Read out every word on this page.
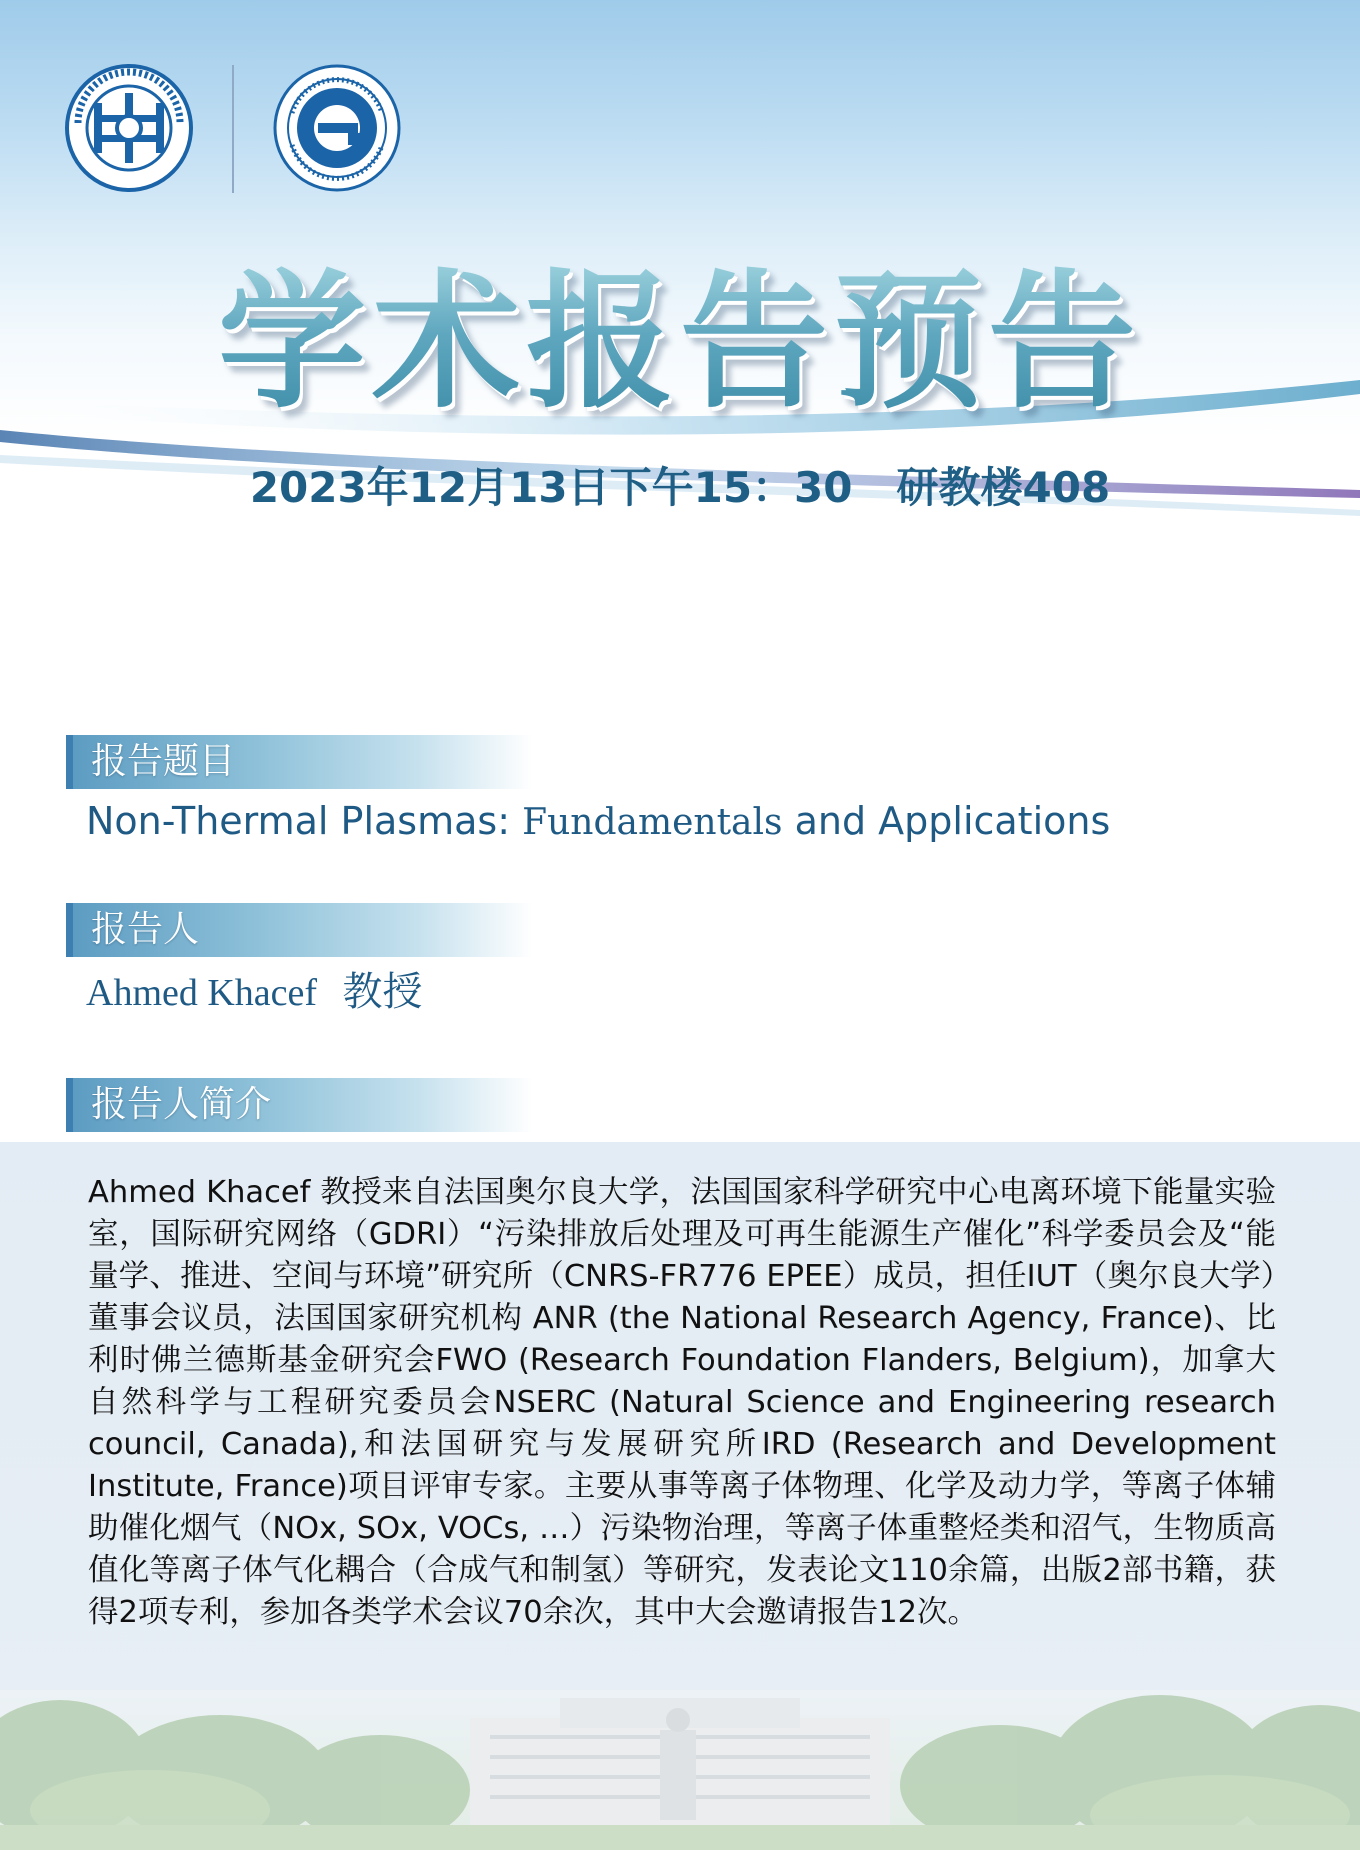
学术报告预告
2023年12月13日下午15：30 研教楼408
报告题目
Non-Thermal Plasmas: Fundamentals and Applications
报告人
Ahmed Khacef 教授
报告人简介

Ahmed Khacef 教授来自法国奥尔良大学，法国国家科学研究中心电离环境下能量实验室，国际研究网络（GDRI）“污染排放后处理及可再生能源生产催化”科学委员会及“能量学、推进、空间与环境”研究所（CNRS-FR776 EPEE）成员，担任IUT（奥尔良大学）董事会议员，法国国家研究机构 ANR (the National Research Agency, France)、比利时佛兰德斯基金研究会FWO (Research Foundation Flanders, Belgium)，加拿大自然科学与工程研究委员会NSERC (Natural Science and Engineering research council, Canada),和法国研究与发展研究所IRD (Research and Development Institute, France)项目评审专家。主要从事等离子体物理、化学及动力学，等离子体辅助催化烟气（NOx, SOx, VOCs, …）污染物治理，等离子体重整烃类和沼气，生物质高值化等离子体气化耦合（合成气和制氢）等研究，发表论文110余篇，出版2部书籍，获得2项专利，参加各类学术会议70余次，其中大会邀请报告12次。
